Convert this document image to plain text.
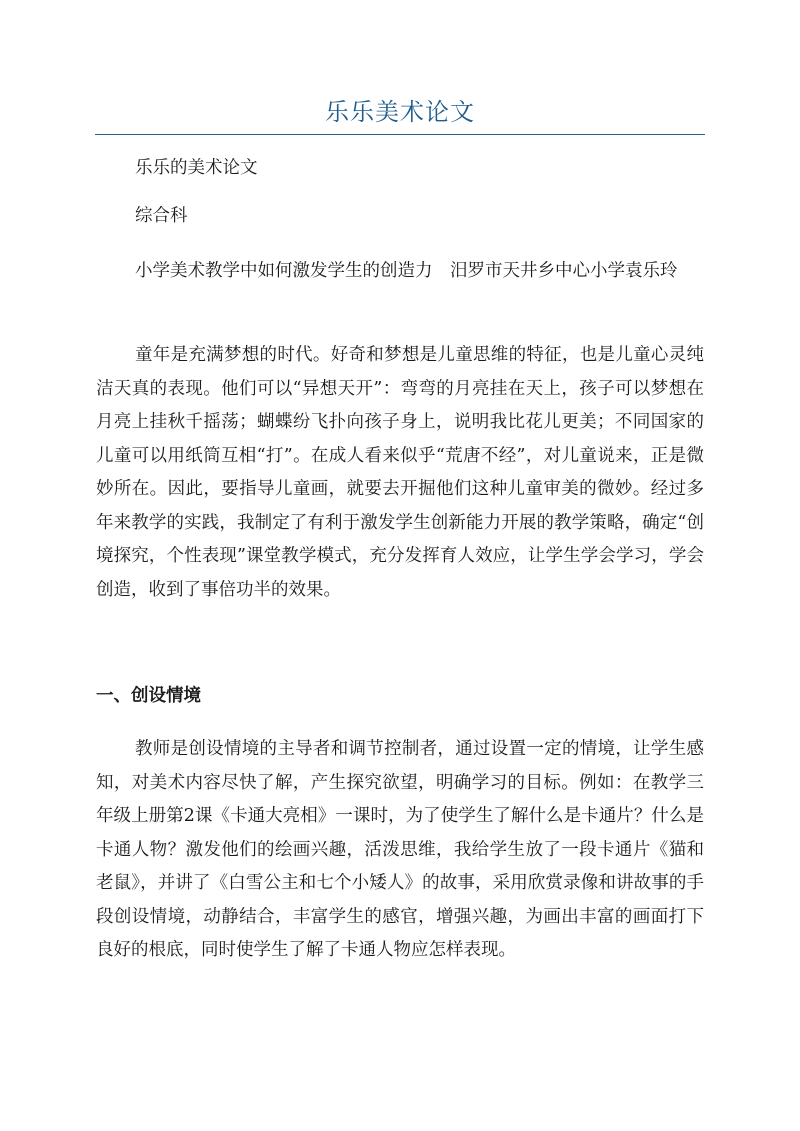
乐乐美术论文
乐乐的美术论文
综合科
小学美术教学中如何激发学生的创造力　汨罗市天井乡中心小学袁乐玲
童年是充满梦想的时代。好奇和梦想是儿童思维的特征，也是儿童心灵纯洁天真的表现。他们可以“异想天开”：弯弯的月亮挂在天上，孩子可以梦想在月亮上挂秋千摇荡；蝴蝶纷飞扑向孩子身上，说明我比花儿更美；不同国家的儿童可以用纸筒互相“打”。在成人看来似乎“荒唐不经”，对儿童说来，正是微妙所在。因此，要指导儿童画，就要去开掘他们这种儿童审美的微妙。经过多年来教学的实践，我制定了有利于激发学生创新能力开展的教学策略，确定“创境探究，个性表现”课堂教学模式，充分发挥育人效应，让学生学会学习，学会创造，收到了事倍功半的效果。
一、创设情境
教师是创设情境的主导者和调节控制者，通过设置一定的情境，让学生感知，对美术内容尽快了解，产生探究欲望，明确学习的目标。例如：在教学三年级上册第2课《卡通大亮相》一课时，为了使学生了解什么是卡通片？什么是卡通人物？激发他们的绘画兴趣，活泼思维，我给学生放了一段卡通片《猫和老鼠》，并讲了《白雪公主和七个小矮人》的故事，采用欣赏录像和讲故事的手段创设情境，动静结合，丰富学生的感官，增强兴趣，为画出丰富的画面打下良好的根底，同时使学生了解了卡通人物应怎样表现。
